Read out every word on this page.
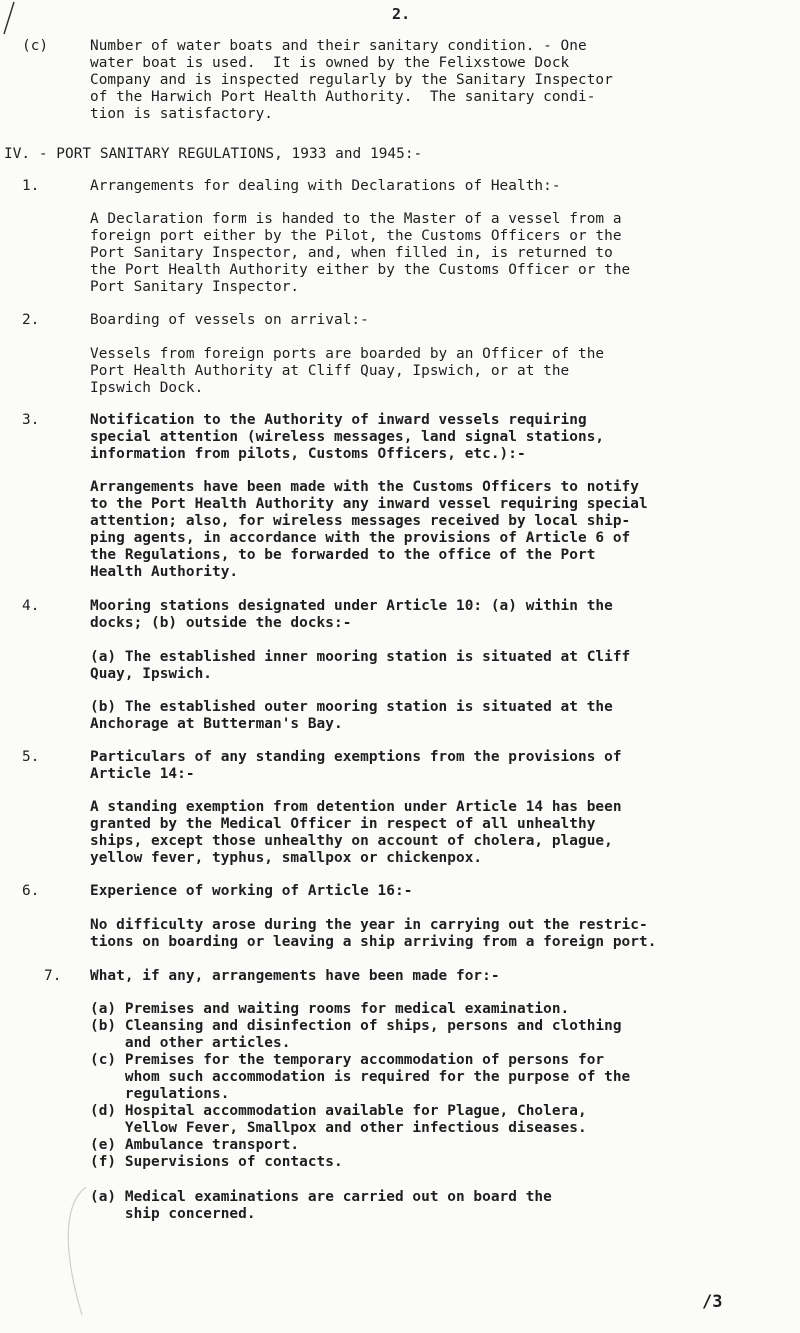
2.
(c)	Number of water boats and their sanitary condition. - One
water boat is used.  It is owned by the Felixstowe Dock
Company and is inspected regularly by the Sanitary Inspector
of the Harwich Port Health Authority.  The sanitary condi-
tion is satisfactory.
IV. - PORT SANITARY REGULATIONS, 1933 and 1945:-
1.	Arrangements for dealing with Declarations of Health:-
A Declaration form is handed to the Master of a vessel from a
foreign port either by the Pilot, the Customs Officers or the
Port Sanitary Inspector, and, when filled in, is returned to
the Port Health Authority either by the Customs Officer or the
Port Sanitary Inspector.
2.	Boarding of vessels on arrival:-
Vessels from foreign ports are boarded by an Officer of the
Port Health Authority at Cliff Quay, Ipswich, or at the
Ipswich Dock.
3.	Notification to the Authority of inward vessels requiring
special attention (wireless messages, land signal stations,
information from pilots, Customs Officers, etc.):-
Arrangements have been made with the Customs Officers to notify
to the Port Health Authority any inward vessel requiring special
attention; also, for wireless messages received by local ship-
ping agents, in accordance with the provisions of Article 6 of
the Regulations, to be forwarded to the office of the Port
Health Authority.
4.	Mooring stations designated under Article 10: (a) within the
docks; (b) outside the docks:-
(a) The established inner mooring station is situated at Cliff
Quay, Ipswich.
(b) The established outer mooring station is situated at the
Anchorage at Butterman's Bay.
5.	Particulars of any standing exemptions from the provisions of
Article 14:-
A standing exemption from detention under Article 14 has been
granted by the Medical Officer in respect of all unhealthy
ships, except those unhealthy on account of cholera, plague,
yellow fever, typhus, smallpox or chickenpox.
6.	Experience of working of Article 16:-
No difficulty arose during the year in carrying out the restric-
tions on boarding or leaving a ship arriving from a foreign port.
7. What, if any, arrangements have been made for:-
(a) Premises and waiting rooms for medical examination.
(b) Cleansing and disinfection of ships, persons and clothing
and other articles.
(c) Premises for the temporary accommodation of persons for
whom such accommodation is required for the purpose of the
regulations.
(d) Hospital accommodation available for Plague, Cholera,
Yellow Fever, Smallpox and other infectious diseases.
(e) Ambulance transport.
(f) Supervisions of contacts.
(a) Medical examinations are carried out on board the
ship concerned.
/3
